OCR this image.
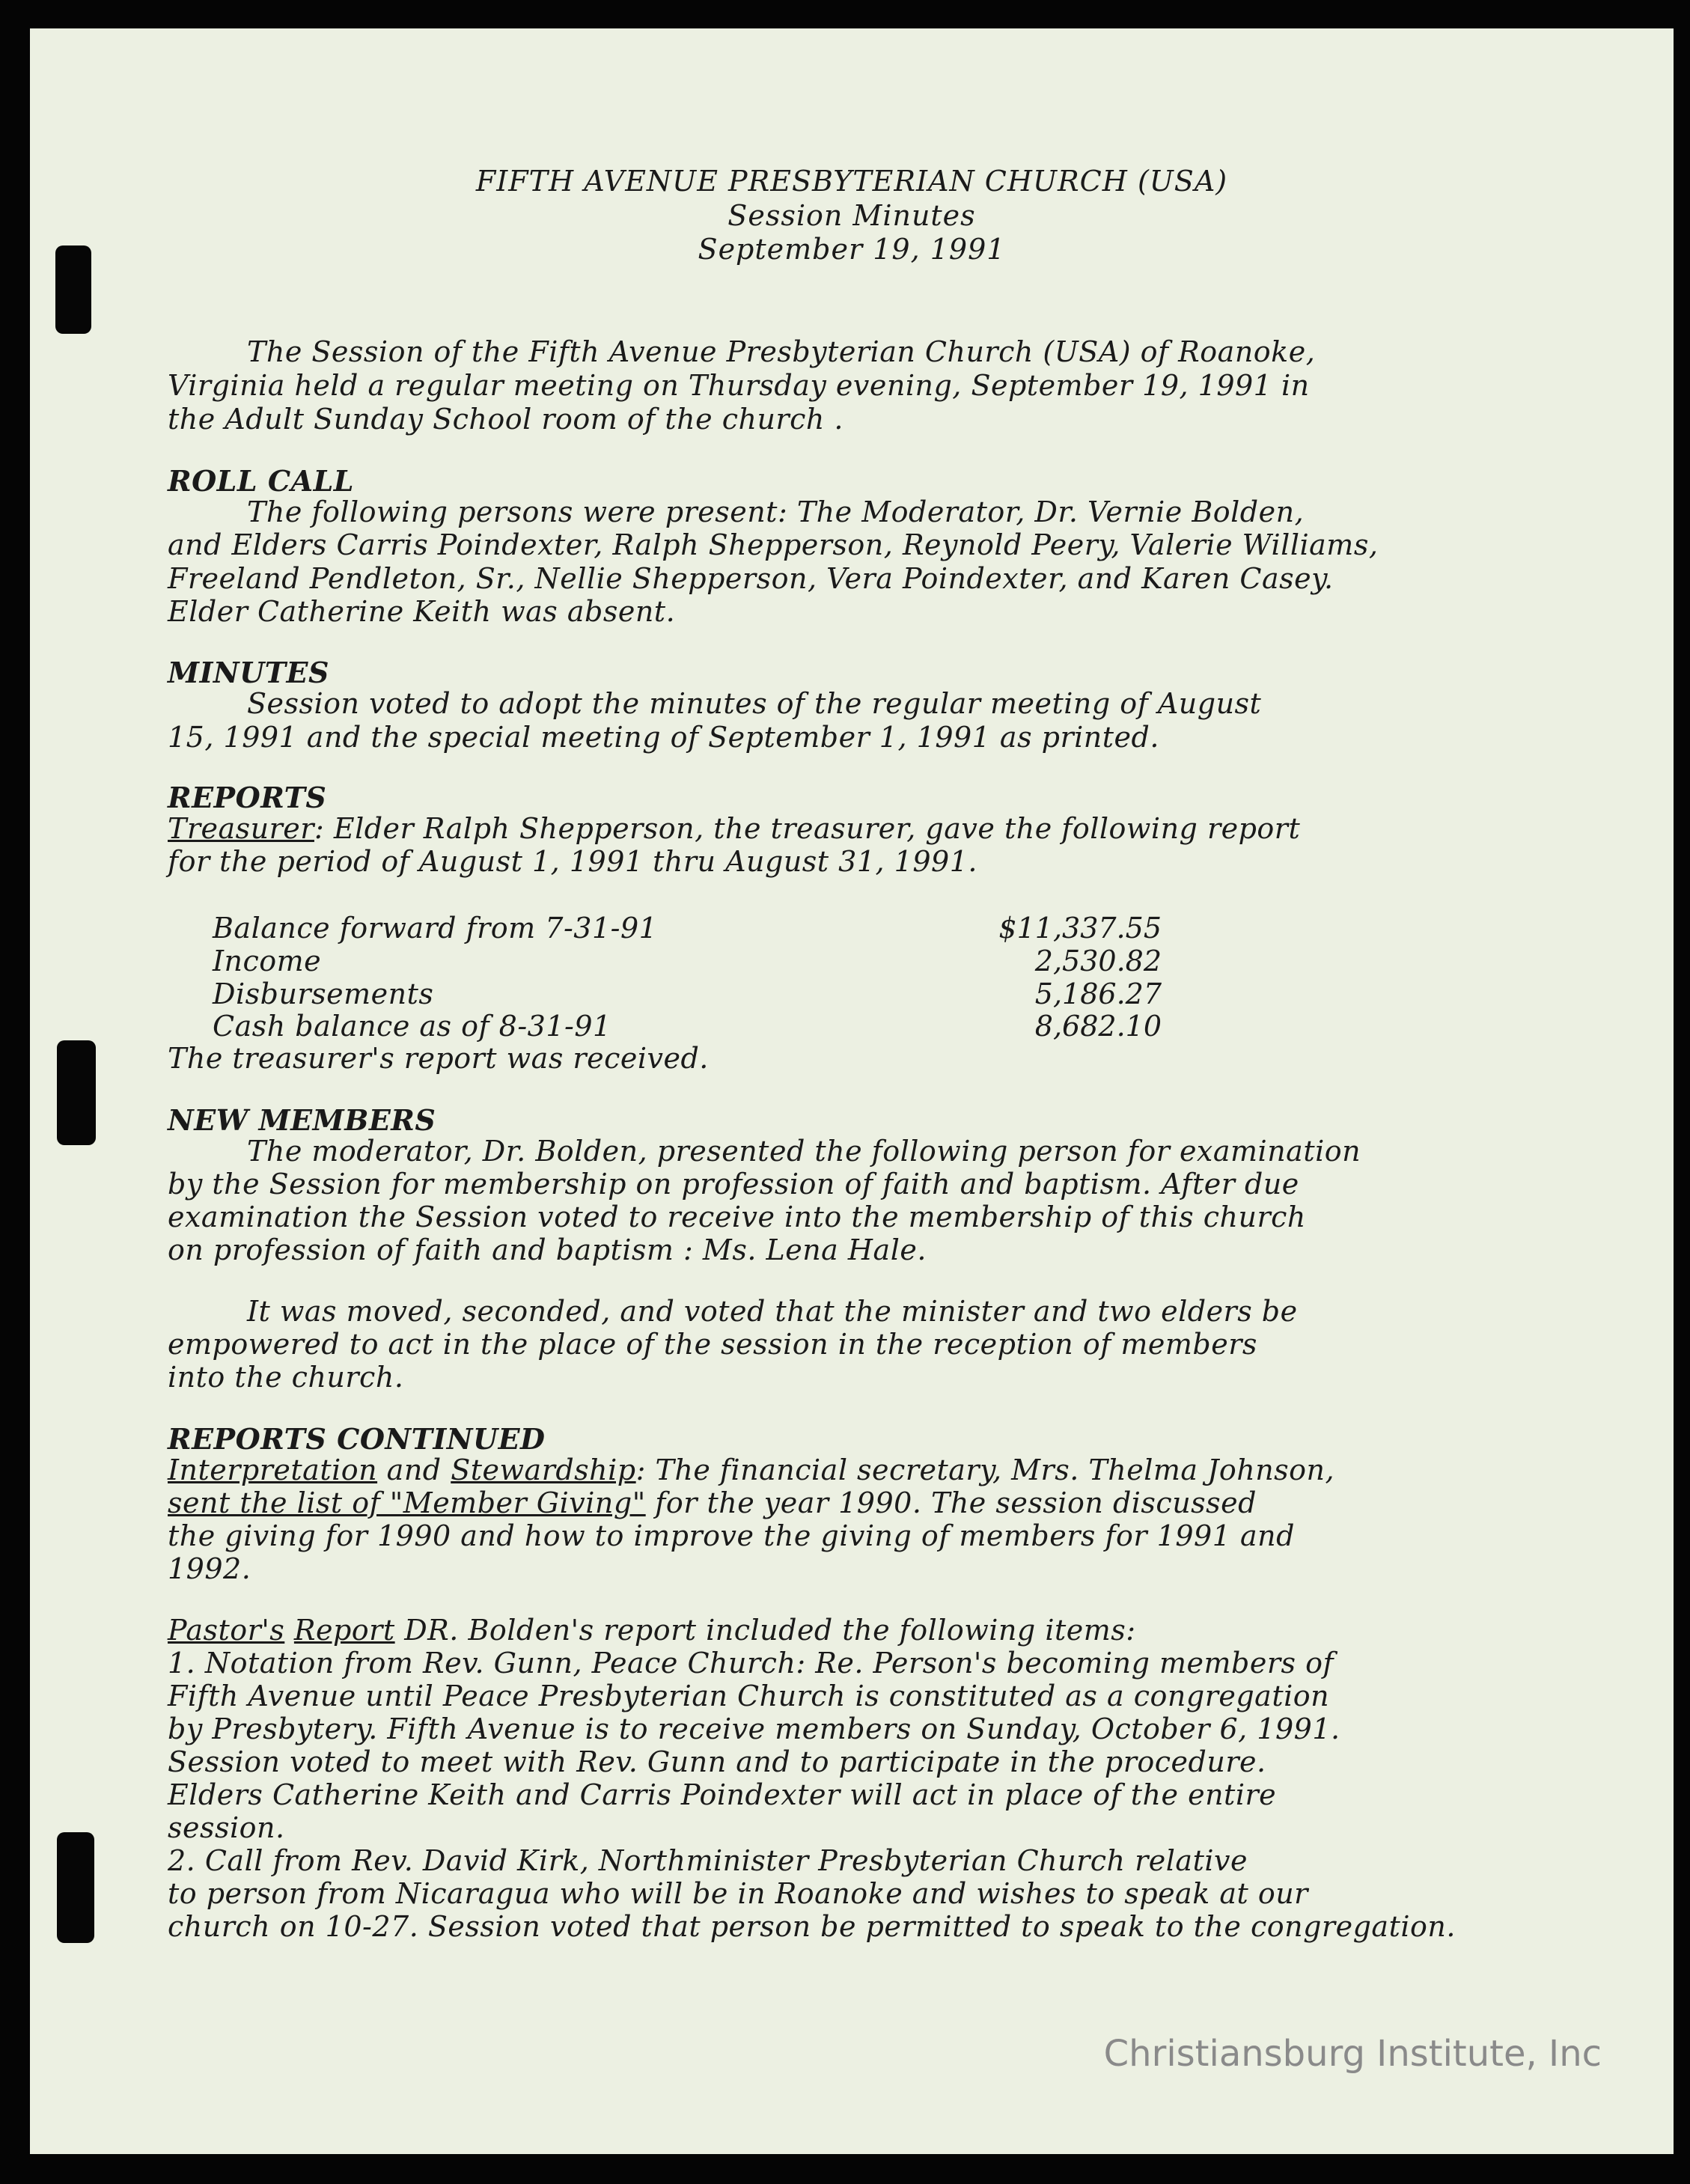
FIFTH AVENUE PRESBYTERIAN CHURCH (USA)
Session Minutes
September 19, 1991
The Session of the Fifth Avenue Presbyterian Church (USA) of Roanoke,
Virginia held a regular meeting on Thursday evening, September 19, 1991 in
the Adult Sunday School room of the church .
ROLL CALL
The following persons were present: The Moderator, Dr. Vernie Bolden,
and Elders Carris Poindexter, Ralph Shepperson, Reynold Peery, Valerie Williams,
Freeland Pendleton, Sr., Nellie Shepperson, Vera Poindexter, and Karen Casey.
Elder Catherine Keith was absent.
MINUTES
Session voted to adopt the minutes of the regular meeting of August
15, 1991 and the special meeting of September 1, 1991 as printed.
REPORTS
Treasurer: Elder Ralph Shepperson, the treasurer, gave the following report
for the period of August 1, 1991 thru August 31, 1991.
Balance forward from 7-31-91	$11,337.55
Income	2,530.82
Disbursements	5,186.27
Cash balance as of 8-31-91	8,682.10
The treasurer's report was received.
NEW MEMBERS
The moderator, Dr. Bolden, presented the following person for examination
by the Session for membership on profession of faith and baptism. After due
examination the Session voted to receive into the membership of this church
on profession of faith and baptism : Ms. Lena Hale.
It was moved, seconded, and voted that the minister and two elders be
empowered to act in the place of the session in the reception of members
into the church.
REPORTS CONTINUED
Interpretation and Stewardship: The financial secretary, Mrs. Thelma Johnson,
sent the list of "Member Giving" for the year 1990. The session discussed
the giving for 1990 and how to improve the giving of members for 1991 and
1992.
Pastor's Report DR. Bolden's report included the following items:
1. Notation from Rev. Gunn, Peace Church: Re. Person's becoming members of
Fifth Avenue until Peace Presbyterian Church is constituted as a congregation
by Presbytery. Fifth Avenue is to receive members on Sunday, October 6, 1991.
Session voted to meet with Rev. Gunn and to participate in the procedure.
Elders Catherine Keith and Carris Poindexter will act in place of the entire
session.
2. Call from Rev. David Kirk, Northminister Presbyterian Church relative
to person from Nicaragua who will be in Roanoke and wishes to speak at our
church on 10-27. Session voted that person be permitted to speak to the congregation.
Christiansburg Institute, Inc
